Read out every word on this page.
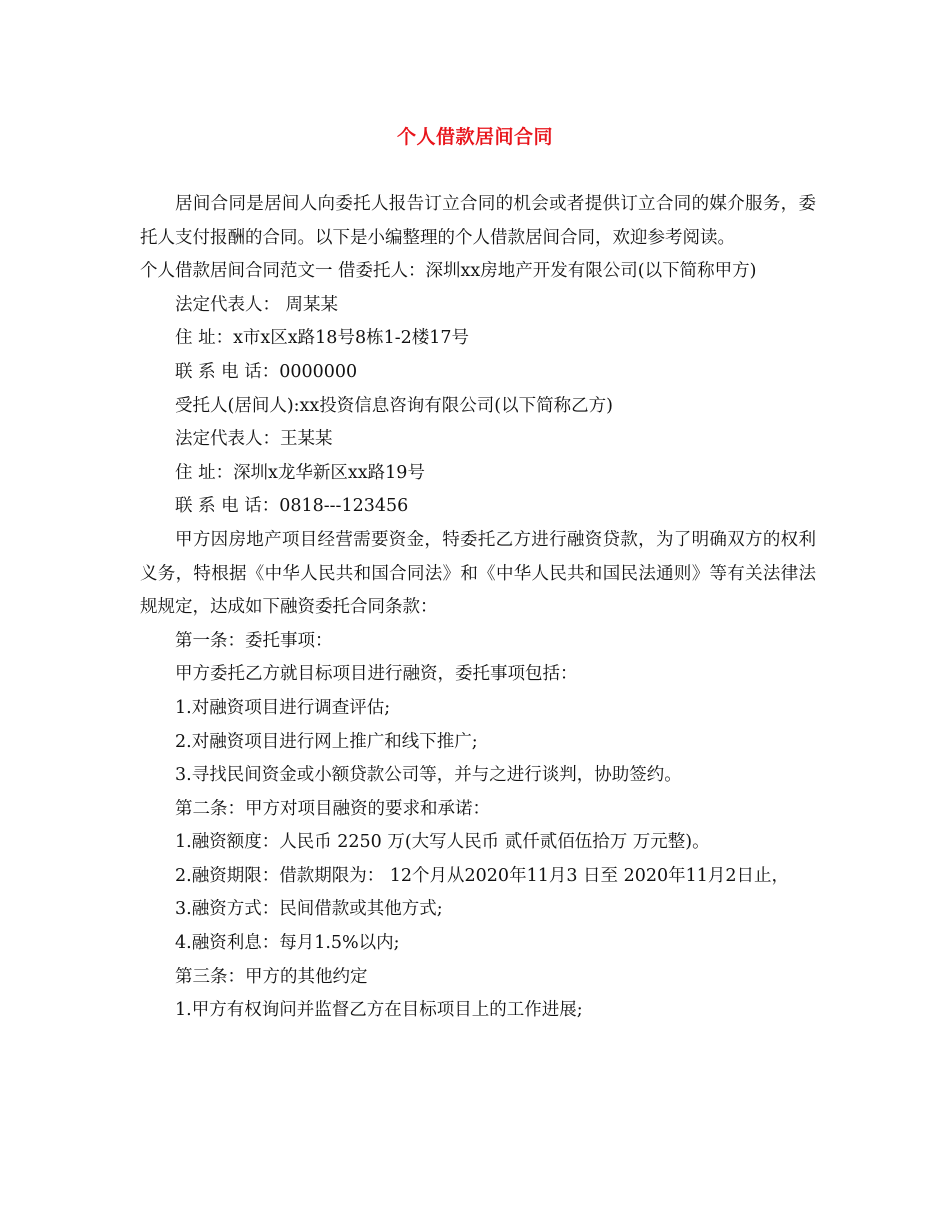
个人借款居间合同

居间合同是居间人向委托人报告订立合同的机会或者提供订立合同的媒介服务，委托人支付报酬的合同。以下是小编整理的个人借款居间合同，欢迎参考阅读。

个人借款居间合同范文一 借委托人：深圳xx房地产开发有限公司(以下简称甲方)

法定代表人： 周某某

住 址：x市x区x路18号8栋1-2楼17号

联 系 电 话：0000000

受托人(居间人):xx投资信息咨询有限公司(以下简称乙方)

法定代表人：王某某

住 址：深圳x龙华新区xx路19号

联 系 电 话：0818---123456

甲方因房地产项目经营需要资金，特委托乙方进行融资贷款，为了明确双方的权利义务，特根据《中华人民共和国合同法》和《中华人民共和国民法通则》等有关法律法规规定，达成如下融资委托合同条款：

第一条：委托事项：

甲方委托乙方就目标项目进行融资，委托事项包括：

1.对融资项目进行调查评估;

2.对融资项目进行网上推广和线下推广;

3.寻找民间资金或小额贷款公司等，并与之进行谈判，协助签约。

第二条：甲方对项目融资的要求和承诺：

1.融资额度：人民币 2250 万(大写人民币 贰仟贰佰伍拾万 万元整)。

2.融资期限：借款期限为： 12个月从2020年11月3 日至 2020年11月2日止，

3.融资方式：民间借款或其他方式;

4.融资利息：每月1.5%以内;

第三条：甲方的其他约定

1.甲方有权询问并监督乙方在目标项目上的工作进展;
